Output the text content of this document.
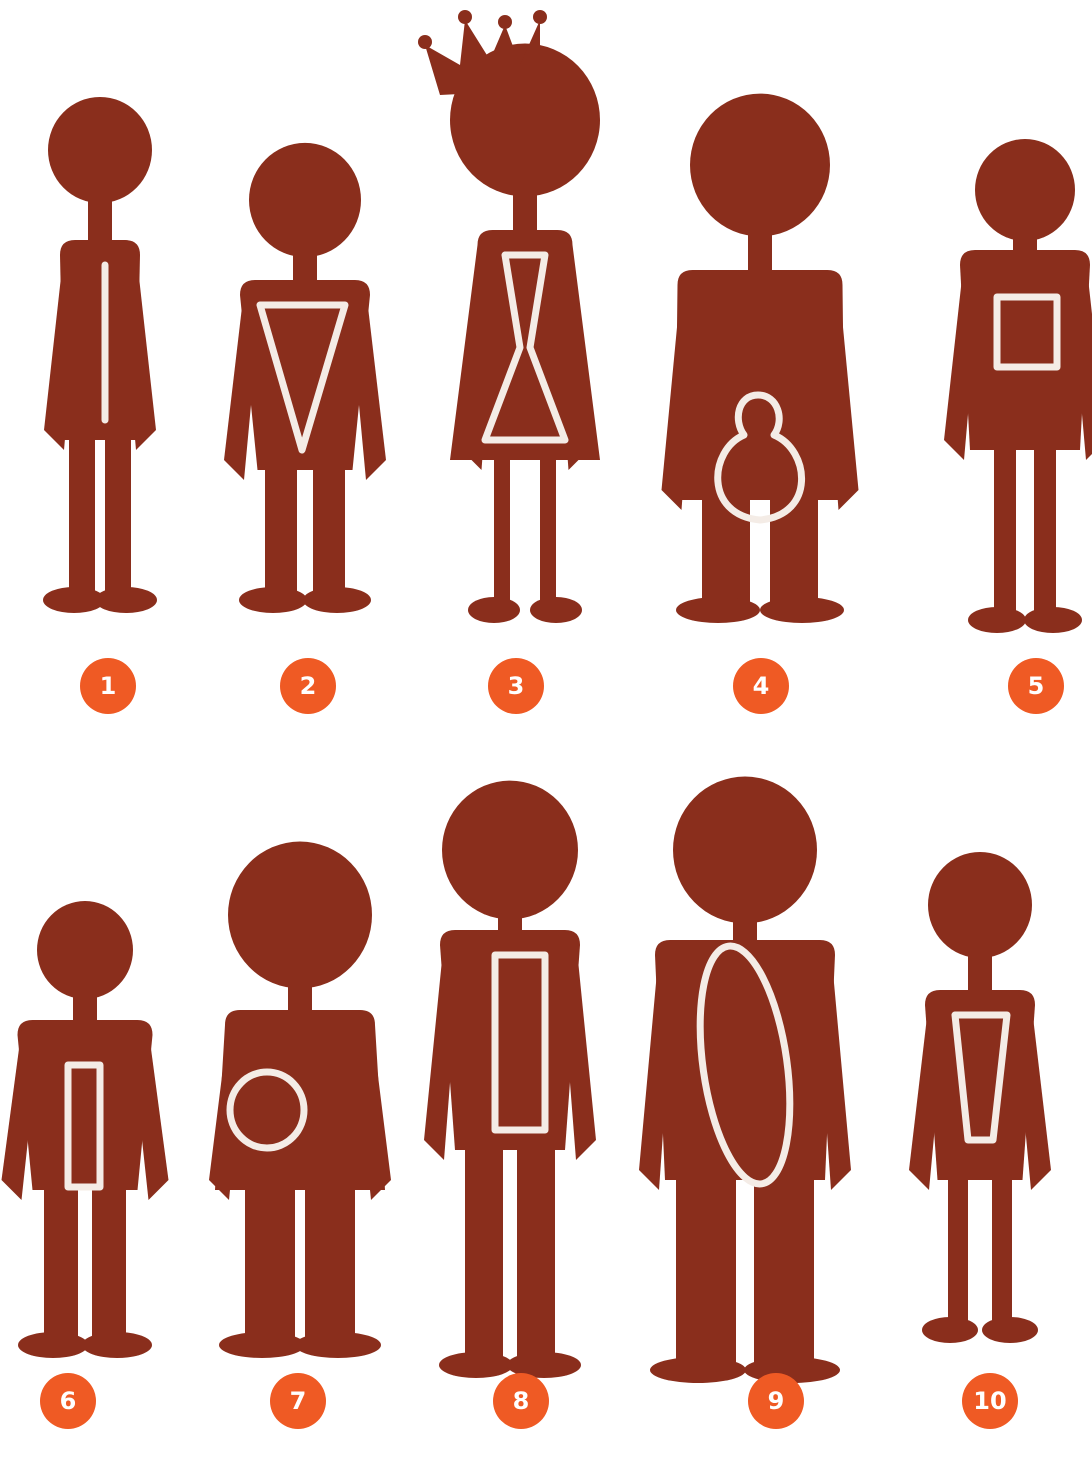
1	2	3	4	5
6	7	8	9	10
